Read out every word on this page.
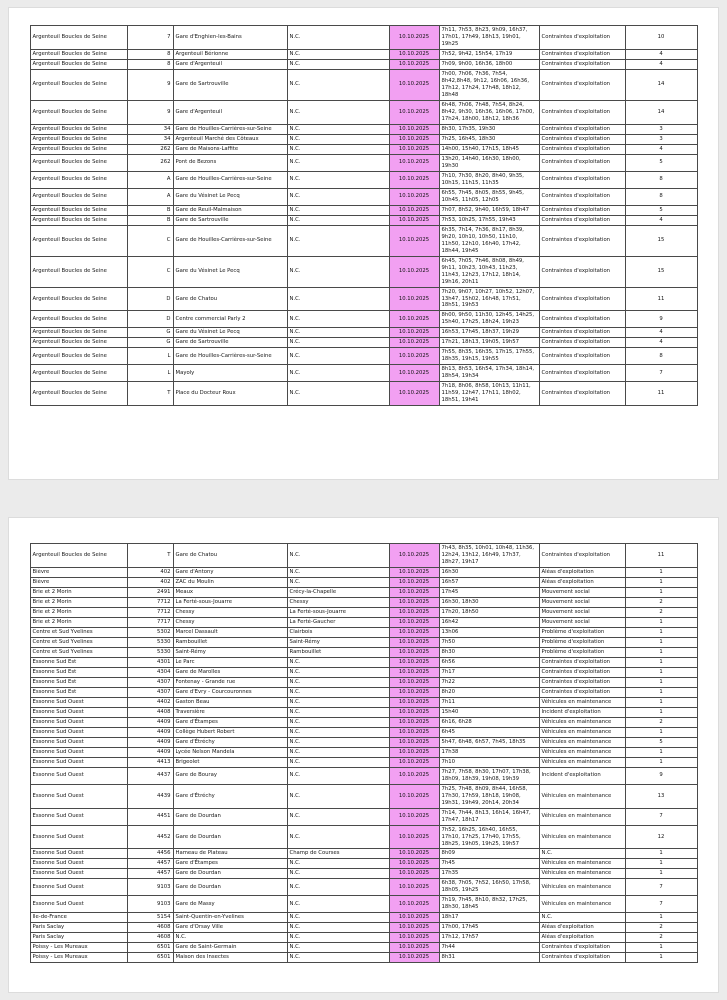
Argenteuil Boucles de Seine	7	Gare d'Enghien-les-Bains	N.C.	10.10.2025	7h11, 7h53, 8h23, 9h09, 16h37, 17h01, 17h49, 18h13, 19h01, 19h25	Contraintes d'exploitation	10
Argenteuil Boucles de Seine	8	Argenteuil Bérionne	N.C.	10.10.2025	7h52, 9h42, 15h54, 17h19	Contraintes d'exploitation	4
Argenteuil Boucles de Seine	8	Gare d'Argenteuil	N.C.	10.10.2025	7h09, 9h00, 16h36, 18h00	Contraintes d'exploitation	4
Argenteuil Boucles de Seine	9	Gare de Sartrouville	N.C.	10.10.2025	7h00, 7h06, 7h36, 7h54, 8h42,8h48, 9h12, 16h06, 16h36, 17h12, 17h24, 17h48, 18h12, 18h48	Contraintes d'exploitation	14
Argenteuil Boucles de Seine	9	Gare d'Argenteuil	N.C.	10.10.2025	6h48, 7h06, 7h48, 7h54, 8h24, 8h42, 9h30, 16h36, 16h06, 17h00, 17h24, 18h00, 18h12, 18h36	Contraintes d'exploitation	14
Argenteuil Boucles de Seine	34	Gare de Houilles-Carrières-sur-Seine	N.C.	10.10.2025	8h30, 17h35, 19h30	Contraintes d'exploitation	3
Argenteuil Boucles de Seine	34	Argenteuil Marché des Côteaux	N.C.	10.10.2025	7h25, 16h45, 18h30	Contraintes d'exploitation	3
Argenteuil Boucles de Seine	262	Gare de Maisons-Laffite	N.C.	10.10.2025	14h00, 15h40, 17h15, 18h45	Contraintes d'exploitation	4
Argenteuil Boucles de Seine	262	Pont de Bezons	N.C.	10.10.2025	13h20, 14h40, 16h30, 18h00, 19h30	Contraintes d'exploitation	5
Argenteuil Boucles de Seine	A	Gare de Houilles-Carrières-sur-Seine	N.C.	10.10.2025	7h10, 7h30, 8h20, 8h40, 9h35, 10h15, 11h15, 11h35	Contraintes d'exploitation	8
Argenteuil Boucles de Seine	A	Gare du Vésinet Le Pecq	N.C.	10.10.2025	6h55, 7h45, 8h05, 8h55, 9h45, 10h45, 11h05, 12h05	Contraintes d'exploitation	8
Argenteuil Boucles de Seine	B	Gare de Reuil-Malmaison	N.C.	10.10.2025	7h07, 8h52, 9h40, 16h59, 18h47	Contraintes d'exploitation	5
Argenteuil Boucles de Seine	B	Gare de Sartrouville	N.C.	10.10.2025	7h53, 10h25, 17h55, 19h43	Contraintes d'exploitation	4
Argenteuil Boucles de Seine	C	Gare de Houilles-Carrières-sur-Seine	N.C.	10.10.2025	6h35, 7h14, 7h36, 8h17, 8h39, 9h20, 10h10, 10h50, 11h10, 11h50, 12h10, 16h40, 17h42, 18h44, 19h45	Contraintes d'exploitation	15
Argenteuil Boucles de Seine	C	Gare du Vésinet Le Pecq	N.C.	10.10.2025	6h45, 7h05, 7h46, 8h08, 8h49, 9h11, 10h23, 10h43, 11h23, 11h43, 12h23, 17h12, 18h14, 19h16, 20h11	Contraintes d'exploitation	15
Argenteuil Boucles de Seine	D	Gare de Chatou	N.C.	10.10.2025	7h20, 9h07, 10h27, 10h52, 12h07, 13h47, 15h02, 16h48, 17h51, 18h51, 19h53	Contraintes d'exploitation	11
Argenteuil Boucles de Seine	D	Centre commercial Parly 2	N.C.	10.10.2025	8h00, 9h50, 11h30, 12h45, 14h25, 15h40, 17h25, 18h24, 19h23	Contraintes d'exploitation	9
Argenteuil Boucles de Seine	G	Gare du Vésinet Le Pecq	N.C.	10.10.2025	16h53, 17h45, 18h37, 19h29	Contraintes d'exploitation	4
Argenteuil Boucles de Seine	G	Gare de Sartrouville	N.C.	10.10.2025	17h21, 18h13, 19h05, 19h57	Contraintes d'exploitation	4
Argenteuil Boucles de Seine	L	Gare de Houilles-Carrières-sur-Seine	N.C.	10.10.2025	7h55, 8h35, 16h35, 17h15, 17h55, 18h35, 19h15, 19h55	Contraintes d'exploitation	8
Argenteuil Boucles de Seine	L	Mayoly	N.C.	10.10.2025	8h13, 8h53, 16h54, 17h34, 18h14, 18h54, 19h34	Contraintes d'exploitation	7
Argenteuil Boucles de Seine	T	Place du Docteur Roux	N.C.	10.10.2025	7h18, 8h06, 8h58, 10h13, 11h11, 11h59, 12h47, 17h11, 18h02, 18h51, 19h41	Contraintes d'exploitation	11
Argenteuil Boucles de Seine	T	Gare de Chatou	N.C.	10.10.2025	7h43, 8h35, 10h01, 10h48, 11h36, 12h24, 13h12, 16h49, 17h37, 18h27, 19h17	Contraintes d'exploitation	11
Bièvre	402	Gare d'Antony	N.C.	10.10.2025	16h30	Aléas d'exploitation	1
Bièvre	402	ZAC du Moulin	N.C.	10.10.2025	16h57	Aléas d'exploitation	1
Brie et 2 Morin	2491	Meaux	Crécy-la-Chapelle	10.10.2025	17h45	Mouvement social	1
Brie et 2 Morin	7712	La Ferté-sous-Jouarre	Chessy	10.10.2025	16h30, 18h30	Mouvement social	2
Brie et 2 Morin	7712	Chessy	La Ferté-sous-Jouarre	10.10.2025	17h20, 18h50	Mouvement social	2
Brie et 2 Morin	7717	Chessy	La Ferté-Gaucher	10.10.2025	16h42	Mouvement social	1
Centre et Sud Yvelines	5302	Marcel Dassault	Clairbois	10.10.2025	13h06	Problème d'exploitation	1
Centre et Sud Yvelines	5330	Rambouillet	Saint-Rémy	10.10.2025	7h50	Problème d'exploitation	1
Centre et Sud Yvelines	5330	Saint-Rémy	Rambouillet	10.10.2025	8h30	Problème d'exploitation	1
Essonne Sud Est	4301	Le Parc	N.C.	10.10.2025	6h56	Contraintes d'exploitation	1
Essonne Sud Est	4304	Gare de Marolles	N.C.	10.10.2025	7h17	Contraintes d'exploitation	1
Essonne Sud Est	4307	Fontenay - Grande rue	N.C.	10.10.2025	7h22	Contraintes d'exploitation	1
Essonne Sud Est	4307	Gare d'Evry - Courcouronnes	N.C.	10.10.2025	8h20	Contraintes d'exploitation	1
Essonne Sud Ouest	4402	Gaston Beau	N.C.	10.10.2025	7h11	Véhicules en maintenance	1
Essonne Sud Ouest	4408	Traversière	N.C.	10.10.2025	15h40	Incident d'exploitation	1
Essonne Sud Ouest	4409	Gare d'Étampes	N.C.	10.10.2025	6h16, 6h28	Véhicules en maintenance	2
Essonne Sud Ouest	4409	Collège Hubert Robert	N.C.	10.10.2025	6h45	Véhicules en maintenance	1
Essonne Sud Ouest	4409	Gare d'Étréchy	N.C.	10.10.2025	5h47, 6h48, 6h57, 7h45, 18h35	Véhicules en maintenance	5
Essonne Sud Ouest	4409	Lycée Nelson Mandela	N.C.	10.10.2025	17h38	Véhicules en maintenance	1
Essonne Sud Ouest	4413	Brigeolet	N.C.	10.10.2025	7h10	Véhicules en maintenance	1
Essonne Sud Ouest	4437	Gare de Bouray	N.C.	10.10.2025	7h27, 7h58, 8h30, 17h07, 17h38, 18h09, 18h39, 19h08, 19h39	Incident d'exploitation	9
Essonne Sud Ouest	4439	Gare d'Étréchy	N.C.	10.10.2025	7h25, 7h48, 8h09, 8h44, 16h58, 17h30, 17h59, 18h18, 19h08, 19h31, 19h49, 20h14, 20h34	Véhicules en maintenance	13
Essonne Sud Ouest	4451	Gare de Dourdan	N.C.	10.10.2025	7h14, 7h44, 8h13, 16h14, 16h47, 17h47, 18h17	Véhicules en maintenance	7
Essonne Sud Ouest	4452	Gare de Dourdan	N.C.	10.10.2025	7h52, 16h25, 16h40, 16h55, 17h10, 17h25, 17h40, 17h55, 18h25, 19h05, 19h25, 19h57	Véhicules en maintenance	12
Essonne Sud Ouest	4456	Hameau de Plateau	Champ de Courses	10.10.2025	8h09	N.C.	1
Essonne Sud Ouest	4457	Gare d'Étampes	N.C.	10.10.2025	7h45	Véhicules en maintenance	1
Essonne Sud Ouest	4457	Gare de Dourdan	N.C.	10.10.2025	17h35	Véhicules en maintenance	1
Essonne Sud Ouest	9103	Gare de Dourdan	N.C.	10.10.2025	6h38, 7h05, 7h52, 16h50, 17h58, 18h05, 19h25	Véhicules en maintenance	7
Essonne Sud Ouest	9103	Gare de Massy	N.C.	10.10.2025	7h19, 7h45, 8h10, 8h32, 17h25, 18h30, 18h45	Véhicules en maintenance	7
Ile-de-France	5154	Saint-Quentin-en-Yvelines	N.C.	10.10.2025	18h17	N.C.	1
Paris Saclay	4608	Gare d'Orsay Ville	N.C.	10.10.2025	17h00, 17h45	Aléas d'exploitation	2
Paris Saclay	4608	N.C.	N.C.	10.10.2025	17h12, 17h57	Aléas d'exploitation	2
Poissy - Les Mureaux	6501	Gare de Saint-Germain	N.C.	10.10.2025	7h44	Contraintes d'exploitation	1
Poissy - Les Mureaux	6501	Maison des Insectes	N.C.	10.10.2025	8h31	Contraintes d'exploitation	1
